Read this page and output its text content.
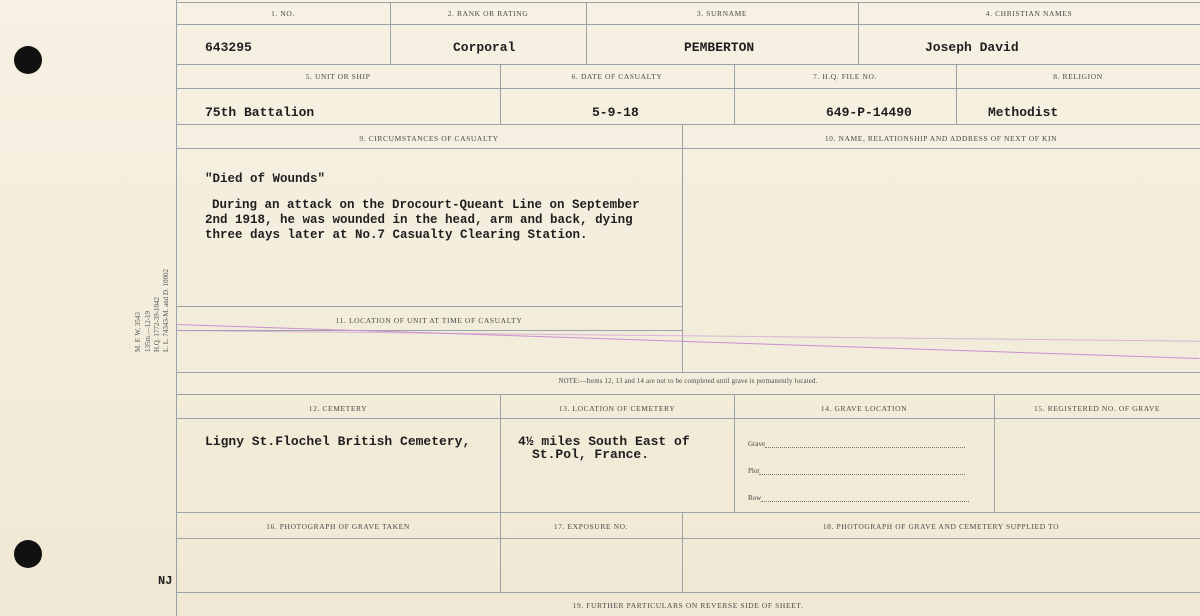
M. F. W. 3543 135m.—12-19 H.Q. 1772-39-1042 L. L. 74343-M. and D. 10002
NJ
1. NO.	2. RANK OR RATING	3. SURNAME	4. CHRISTIAN NAMES
643295	Corporal	PEMBERTON	Joseph David
5. UNIT OR SHIP	6. DATE OF CASUALTY	7. H.Q. FILE NO.	8. RELIGION
75th Battalion	5-9-18	649-P-14490	Methodist
9. CIRCUMSTANCES OF CASUALTY	10. NAME, RELATIONSHIP AND ADDRESS OF NEXT OF KIN
"Died of Wounds"
During an attack on the Drocourt-Queant Line on September
2nd 1918, he was wounded in the head, arm and back, dying
three days later at No.7 Casualty Clearing Station.
11. LOCATION OF UNIT AT TIME OF CASUALTY
NOTE:—Items 12, 13 and 14 are not to be completed until grave is permanently located.
12. CEMETERY	13. LOCATION OF CEMETERY	14. GRAVE LOCATION	15. REGISTERED NO. OF GRAVE
Ligny St.Flochel British Cemetery,	4½ miles South East of
St.Pol, France.
Grave
Plot
Row
16. PHOTOGRAPH OF GRAVE TAKEN	17. EXPOSURE NO.	18. PHOTOGRAPH OF GRAVE AND CEMETERY SUPPLIED TO
19. FURTHER PARTICULARS ON REVERSE SIDE OF SHEET.
